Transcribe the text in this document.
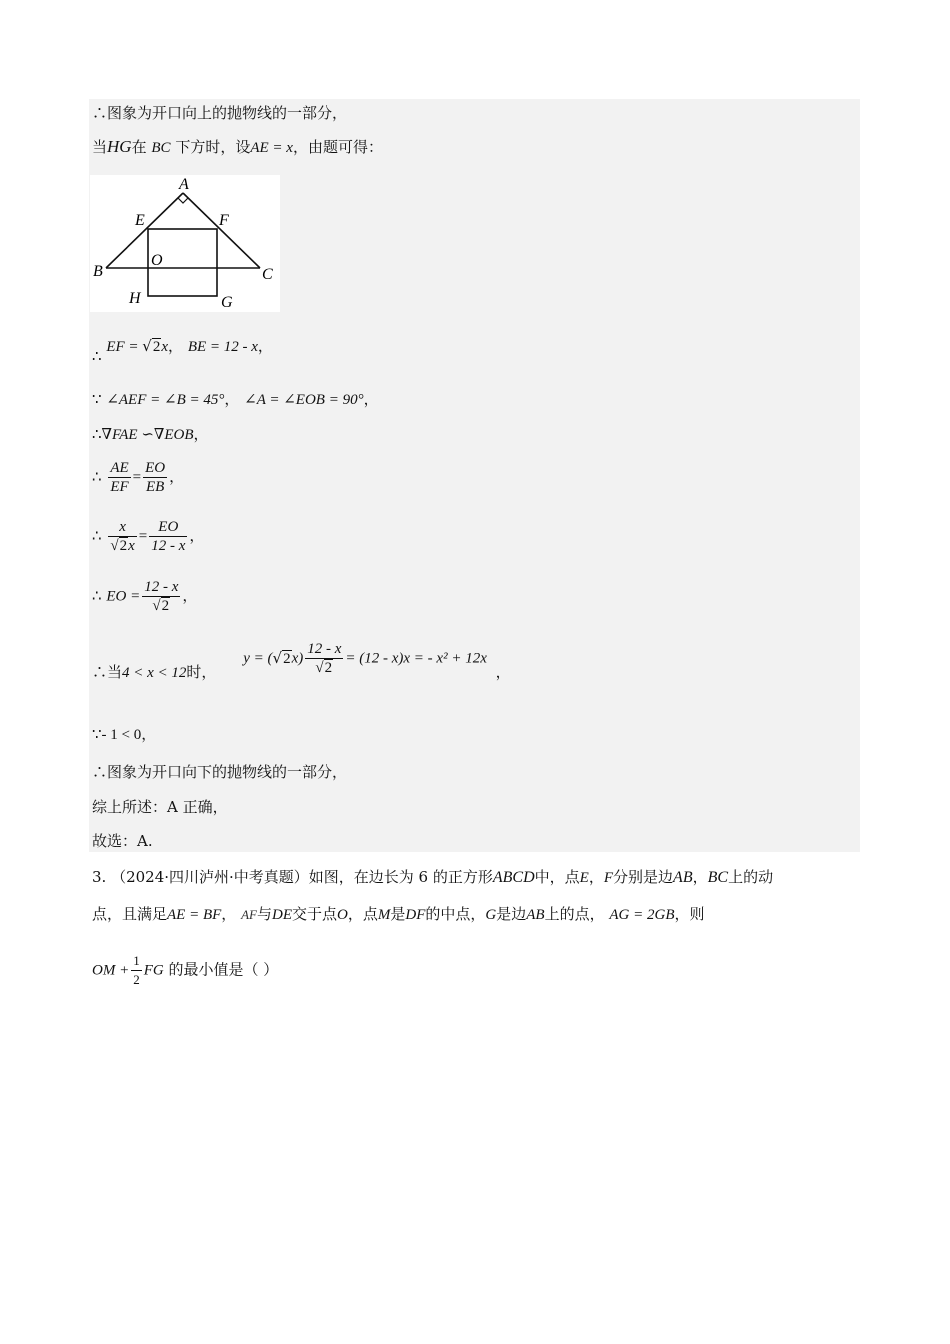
∴图象为开口向上的抛物线的一部分，
当HG在 BC 下方时，设AE = x，由题可得：
A
E	F
B
O
C
H	G
∴ EF = √2x， BE = 12 - x，
∵ ∠AEF = ∠B = 45°， ∠A = ∠EOB = 90°，
∴∇FAE ∽∇EOB，
∴ $\frac{AE}{EF} = \frac{EO}{EB}$ ，
∴ $\frac{x}{√2x} = \frac{EO}{12 - x}$ ，
∴ EO = $\frac{12 - x}{√2}$ ，
∴当4 < x < 12时， $y = (√2x) \frac{12 - x}{√2} = (12 - x)x$ = - x² + 12x ，
∵- 1 < 0，
∴图象为开口向下的抛物线的一部分，
综上所述：A 正确，
故选：A.
3. （2024·四川泸州·中考真题）如图，在边长为 6 的正方形ABCD中，点E，F分别是边AB，BC上的动
点，且满足AE = BF， AF与DE交于点O，点M是DF的中点，G是边AB上的点， AG = 2GB，则
OM + $\frac{1}{2}$ FG 的最小值是（ ）
